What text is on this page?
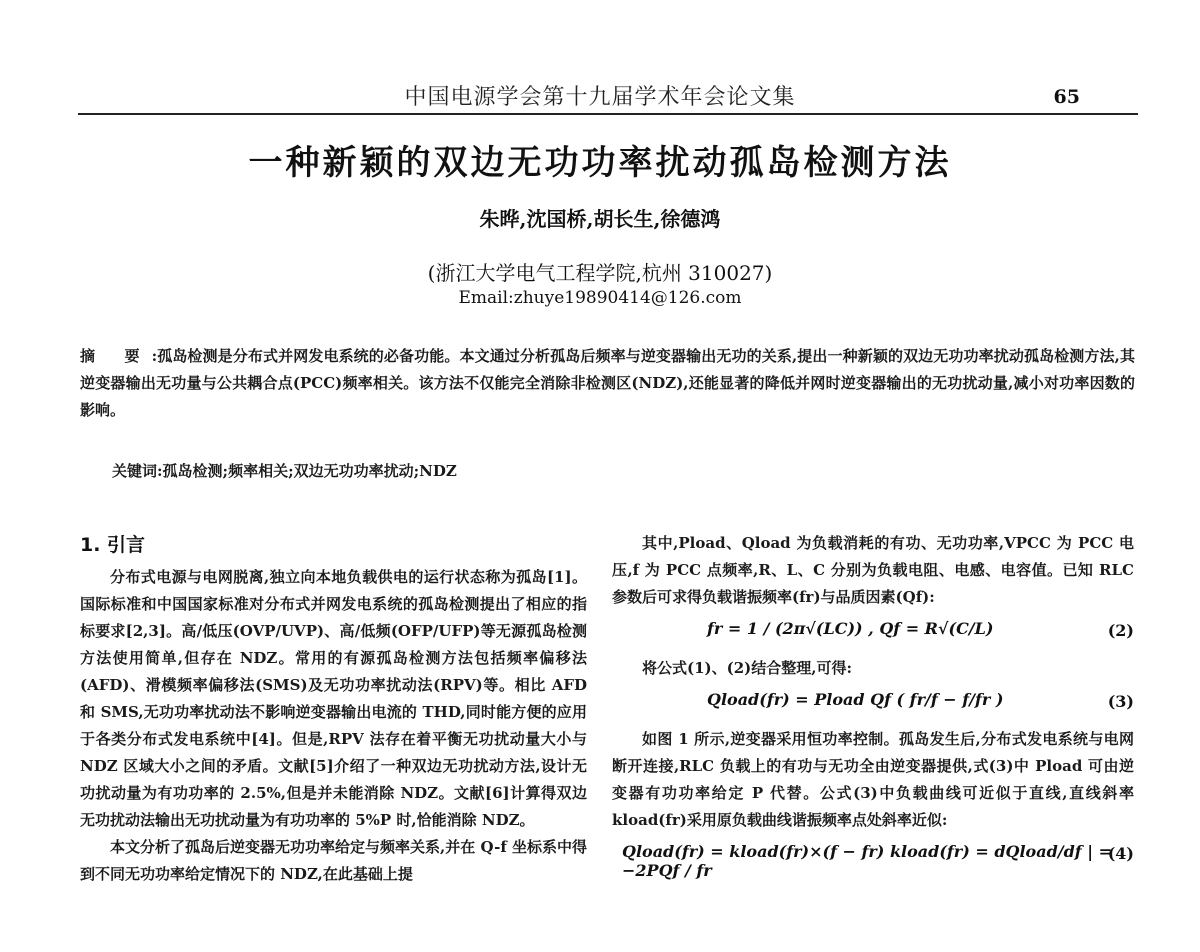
中国电源学会第十九届学术年会论文集	65
一种新颖的双边无功功率扰动孤岛检测方法
朱晔,沈国桥,胡长生,徐德鸿
(浙江大学电气工程学院,杭州 310027)
Email:zhuye19890414@126.com
摘 要:孤岛检测是分布式并网发电系统的必备功能。本文通过分析孤岛后频率与逆变器输出无功的关系,提出一种新颖的双边无功功率扰动孤岛检测方法,其逆变器输出无功量与公共耦合点(PCC)频率相关。该方法不仅能完全消除非检测区(NDZ),还能显著的降低并网时逆变器输出的无功扰动量,减小对功率因数的影响。
关键词:孤岛检测;频率相关;双边无功功率扰动;NDZ
1. 引言

分布式电源与电网脱离,独立向本地负载供电的运行状态称为孤岛[1]。国际标准和中国国家标准对分布式并网发电系统的孤岛检测提出了相应的指标要求[2,3]。高/低压(OVP/UVP)、高/低频(OFP/UFP)等无源孤岛检测方法使用简单,但存在 NDZ。常用的有源孤岛检测方法包括频率偏移法(AFD)、滑模频率偏移法(SMS)及无功功率扰动法(RPV)等。相比 AFD 和 SMS,无功功率扰动法不影响逆变器输出电流的 THD,同时能方便的应用于各类分布式发电系统中[4]。但是,RPV 法存在着平衡无功扰动量大小与 NDZ 区域大小之间的矛盾。文献[5]介绍了一种双边无功扰动方法,设计无功扰动量为有功功率的 2.5%,但是并未能消除 NDZ。文献[6]计算得双边无功扰动法输出无功扰动量为有功功率的 5%P 时,恰能消除 NDZ。

本文分析了孤岛后逆变器无功功率给定与频率关系,并在 Q-f 坐标系中得到不同无功功率给定情况下的 NDZ,在此基础上提

其中,Pload、Qload 为负载消耗的有功、无功功率,VPCC 为 PCC 电压,f 为 PCC 点频率,R、L、C 分别为负载电阻、电感、电容值。已知 RLC 参数后可求得负载谐振频率(fr)与品质因素(Qf):

fr = 1 / (2π√(LC)) , Qf = R√(C/L)	(2)

将公式(1)、(2)结合整理,可得:

Qload(fr) = Pload Qf ( fr/f − f/fr )	(3)

如图 1 所示,逆变器采用恒功率控制。孤岛发生后,分布式发电系统与电网断开连接,RLC 负载上的有功与无功全由逆变器提供,式(3)中 Pload 可由逆变器有功功率给定 P 代替。公式(3)中负载曲线可近似于直线,直线斜率 kload(fr)采用原负载曲线谐振频率点处斜率近似:

Qload(fr) = kload(fr)×(f − fr) kload(fr) = dQload/df | = −2PQf / fr
(4)
